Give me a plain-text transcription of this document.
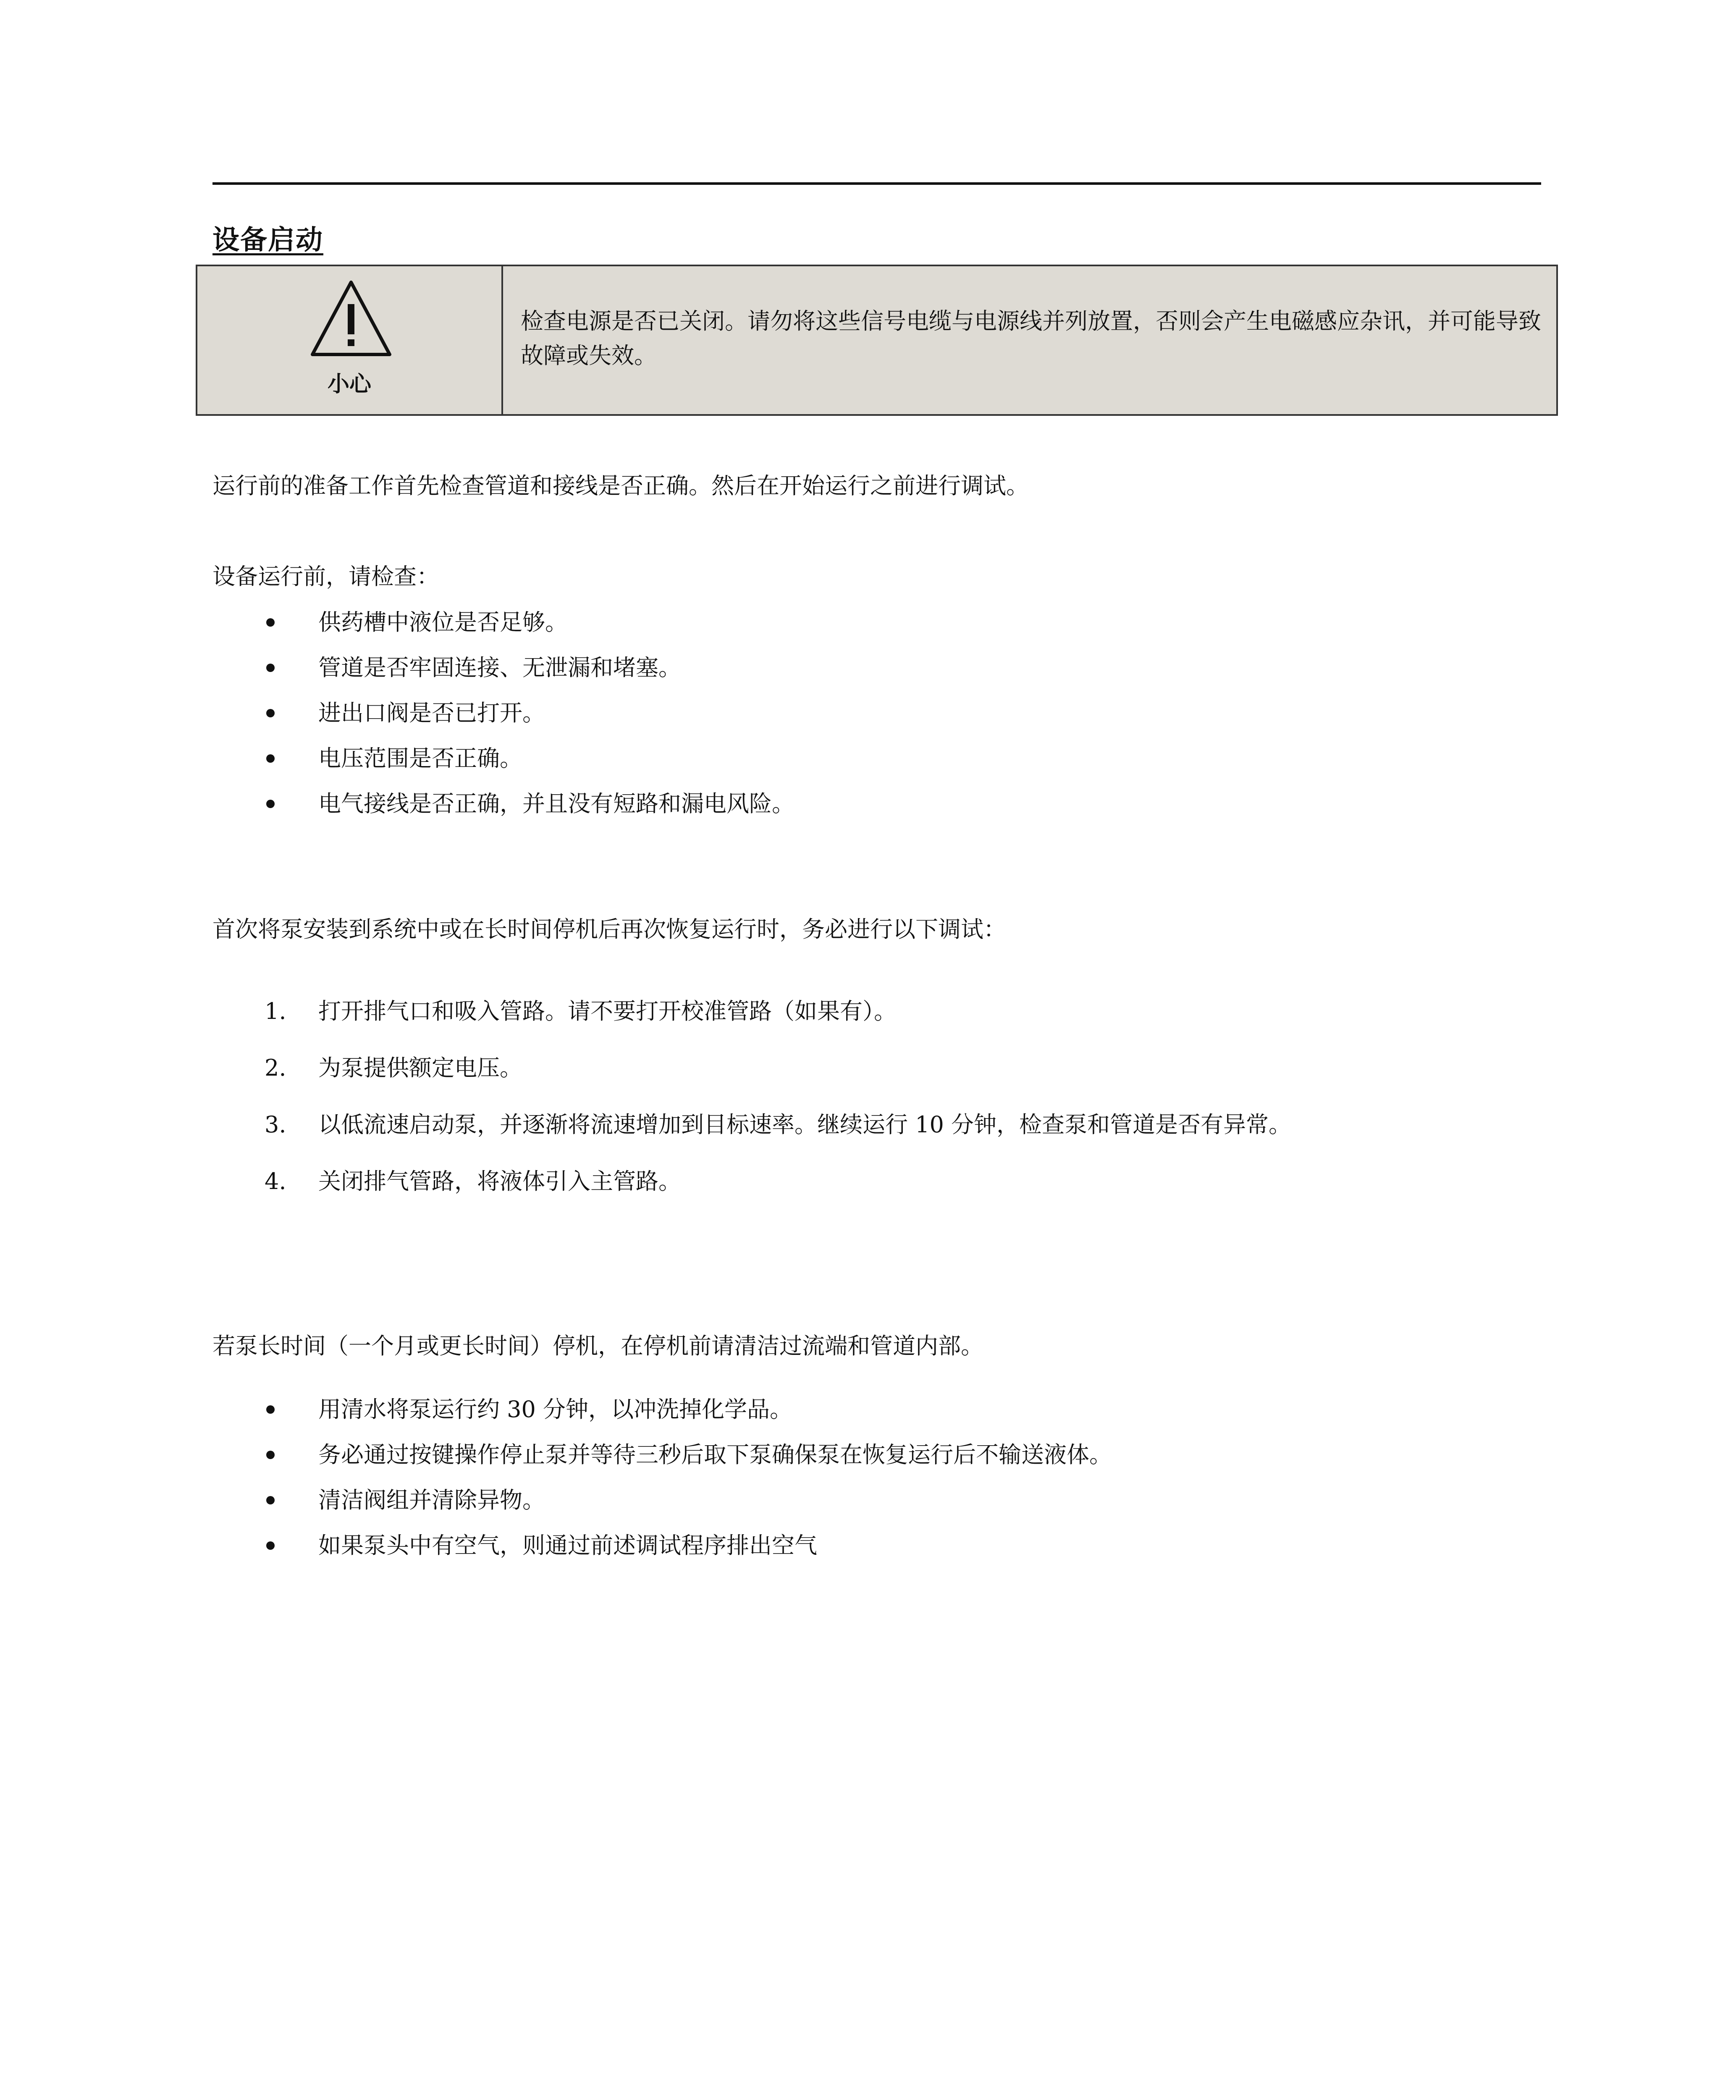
设备启动
小心
检查电源是否已关闭。请勿将这些信号电缆与电源线并列放置，否则会产生电磁感应杂讯，并可能导致故障或失效。
运行前的准备工作首先检查管道和接线是否正确。然后在开始运行之前进行调试。
设备运行前，请检查：
供药槽中液位是否足够。
管道是否牢固连接、无泄漏和堵塞。
进出口阀是否已打开。
电压范围是否正确。
电气接线是否正确，并且没有短路和漏电风险。
首次将泵安装到系统中或在长时间停机后再次恢复运行时，务必进行以下调试：
1. 打开排气口和吸入管路。请不要打开校准管路（如果有）。
2. 为泵提供额定电压。
3. 以低流速启动泵，并逐渐将流速增加到目标速率。继续运行 10 分钟，检查泵和管道是否有异常。
4. 关闭排气管路，将液体引入主管路。
若泵长时间（一个月或更长时间）停机，在停机前请清洁过流端和管道内部。
用清水将泵运行约 30 分钟，以冲洗掉化学品。
务必通过按键操作停止泵并等待三秒后取下泵确保泵在恢复运行后不输送液体。
清洁阀组并清除异物。
如果泵头中有空气，则通过前述调试程序排出空气
